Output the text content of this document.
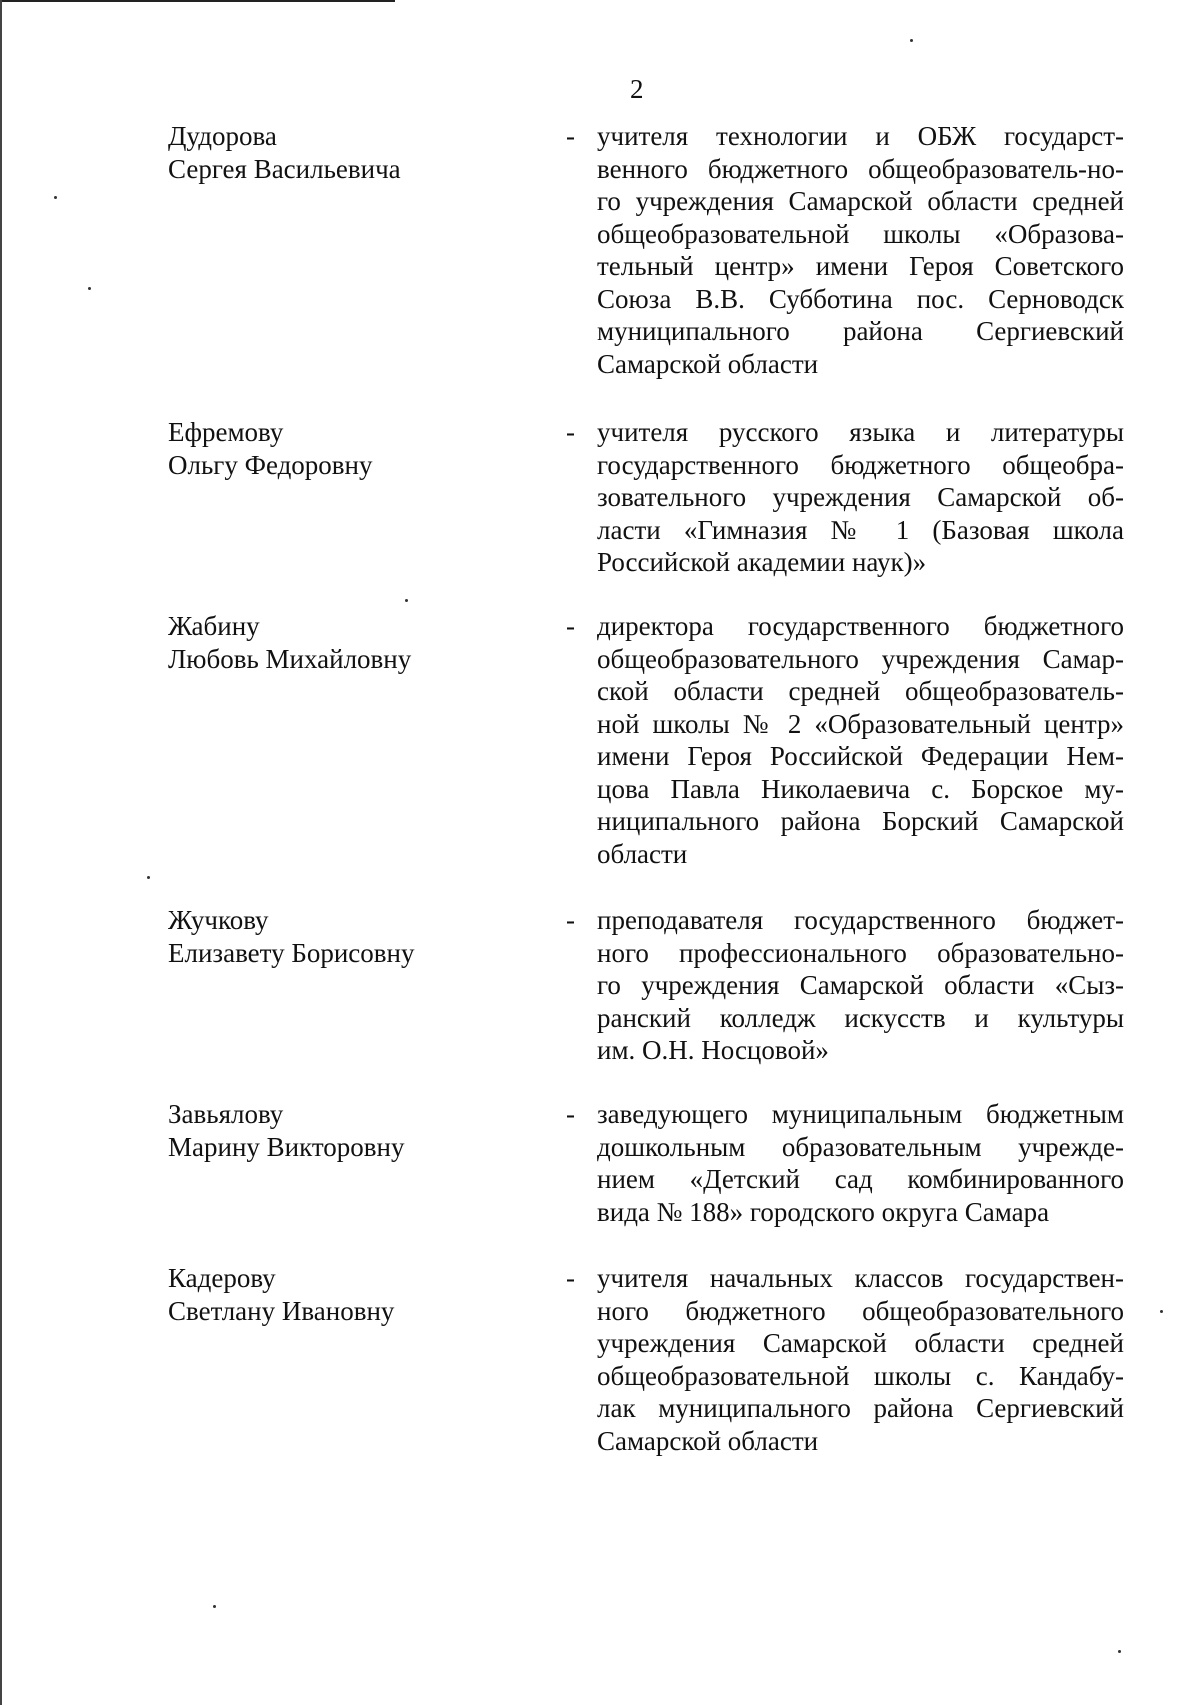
2
Дудорова
Сергея Васильевича
- учителя технологии и ОБЖ государст-
венного бюджетного общеобразователь-но-
го учреждения Самарской области средней
общеобразовательной школы «Образова-
тельный центр» имени Героя Советского
Союза В.В. Субботина пос. Серноводск
муниципального района Сергиевский
Самарской области
Ефремову
Ольгу Федоровну
- учителя русского языка и литературы
государственного бюджетного общеобра-
зовательного учреждения Самарской об-
ласти «Гимназия № 1 (Базовая школа
Российской академии наук)»
Жабину
Любовь Михайловну
- директора государственного бюджетного
общеобразовательного учреждения Самар-
ской области средней общеобразователь-
ной школы № 2 «Образовательный центр»
имени Героя Российской Федерации Нем-
цова Павла Николаевича с. Борское му-
ниципального района Борский Самарской
области
Жучкову
Елизавету Борисовну
- преподавателя государственного бюджет-
ного профессионального образовательно-
го учреждения Самарской области «Сыз-
ранский колледж искусств и культуры
им. О.Н. Носцовой»
Завьялову
Марину Викторовну
- заведующего муниципальным бюджетным
дошкольным образовательным учрежде-
нием «Детский сад комбинированного
вида № 188» городского округа Самара
Кадерову
Светлану Ивановну
- учителя начальных классов государствен-
ного бюджетного общеобразовательного
учреждения Самарской области средней
общеобразовательной школы с. Кандабу-
лак муниципального района Сергиевский
Самарской области
